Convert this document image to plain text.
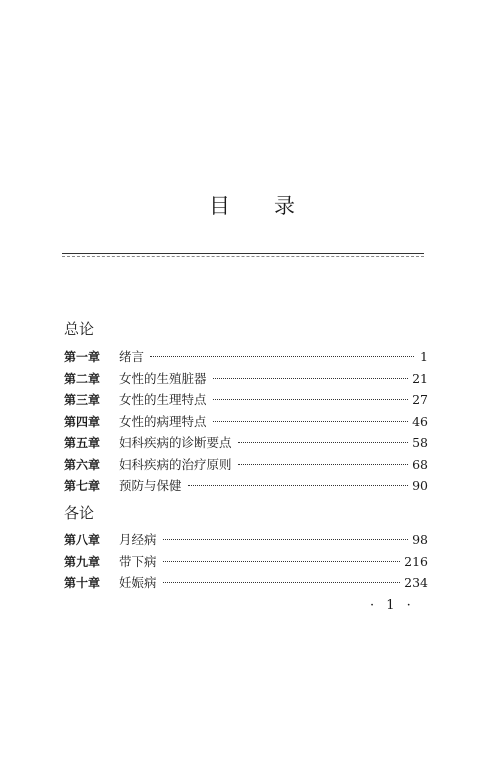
目 录
总论
第一章	绪言	1
第二章	女性的生殖脏器	21
第三章	女性的生理特点	27
第四章	女性的病理特点	46
第五章	妇科疾病的诊断要点	58
第六章	妇科疾病的治疗原则	68
第七章	预防与保健	90
各论
第八章	月经病	98
第九章	带下病	216
第十章	妊娠病	234
· 1 ·
